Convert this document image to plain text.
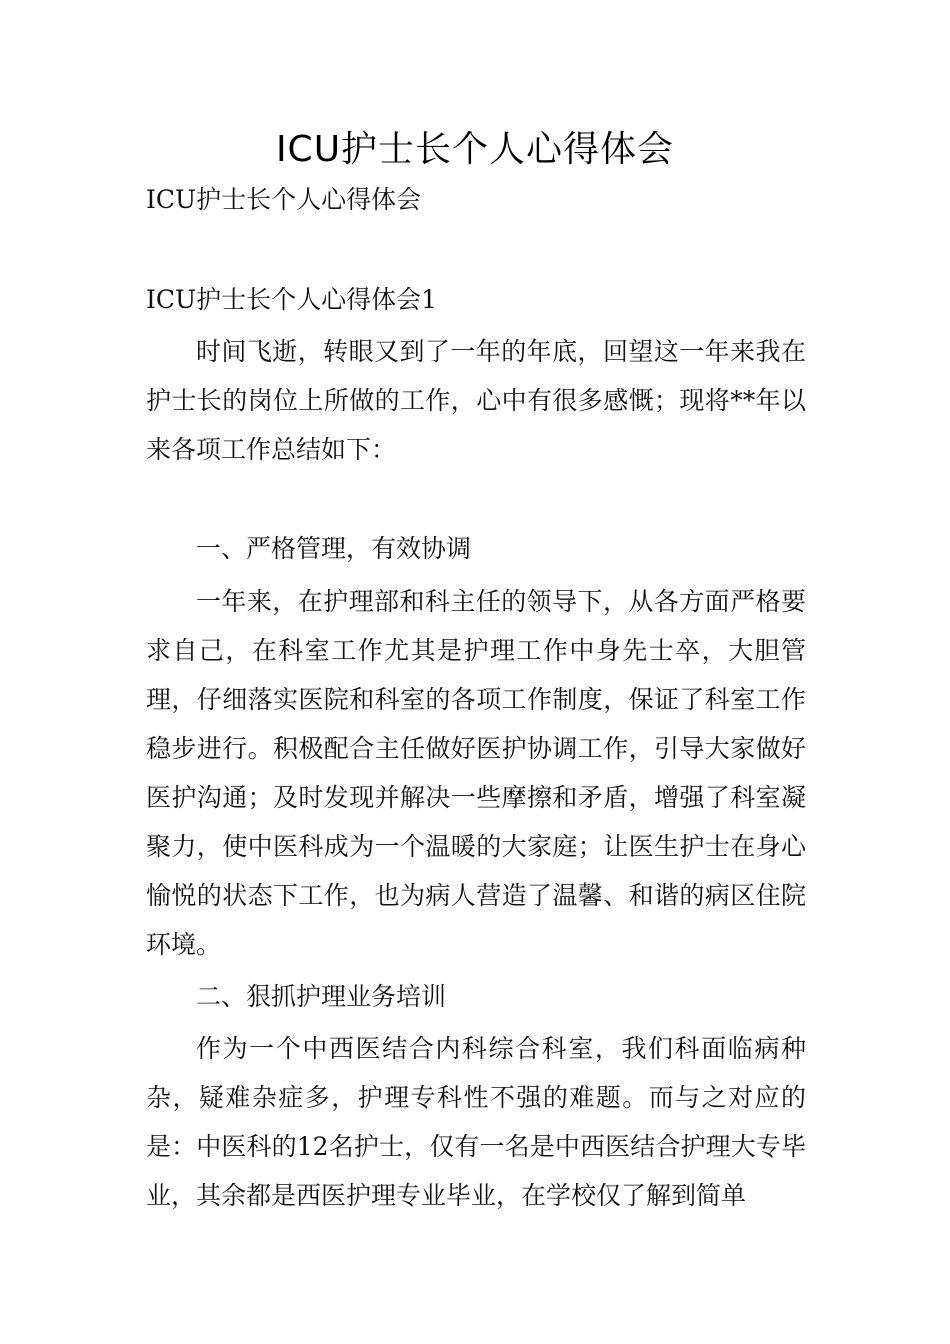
ICU护士长个人心得体会

ICU护士长个人心得体会

ICU护士长个人心得体会1

时间飞逝，转眼又到了一年的年底，回望这一年来我在护士长的岗位上所做的工作，心中有很多感慨；现将**年以来各项工作总结如下：

一、严格管理，有效协调

一年来，在护理部和科主任的领导下，从各方面严格要求自己，在科室工作尤其是护理工作中身先士卒，大胆管理，仔细落实医院和科室的各项工作制度，保证了科室工作稳步进行。积极配合主任做好医护协调工作，引导大家做好医护沟通；及时发现并解决一些摩擦和矛盾，增强了科室凝聚力，使中医科成为一个温暖的大家庭；让医生护士在身心愉悦的状态下工作，也为病人营造了温馨、和谐的病区住院环境。

二、狠抓护理业务培训

作为一个中西医结合内科综合科室，我们科面临病种杂，疑难杂症多，护理专科性不强的难题。而与之对应的是：中医科的12名护士，仅有一名是中西医结合护理大专毕业，其余都是西医护理专业毕业，在学校仅了解到简单
